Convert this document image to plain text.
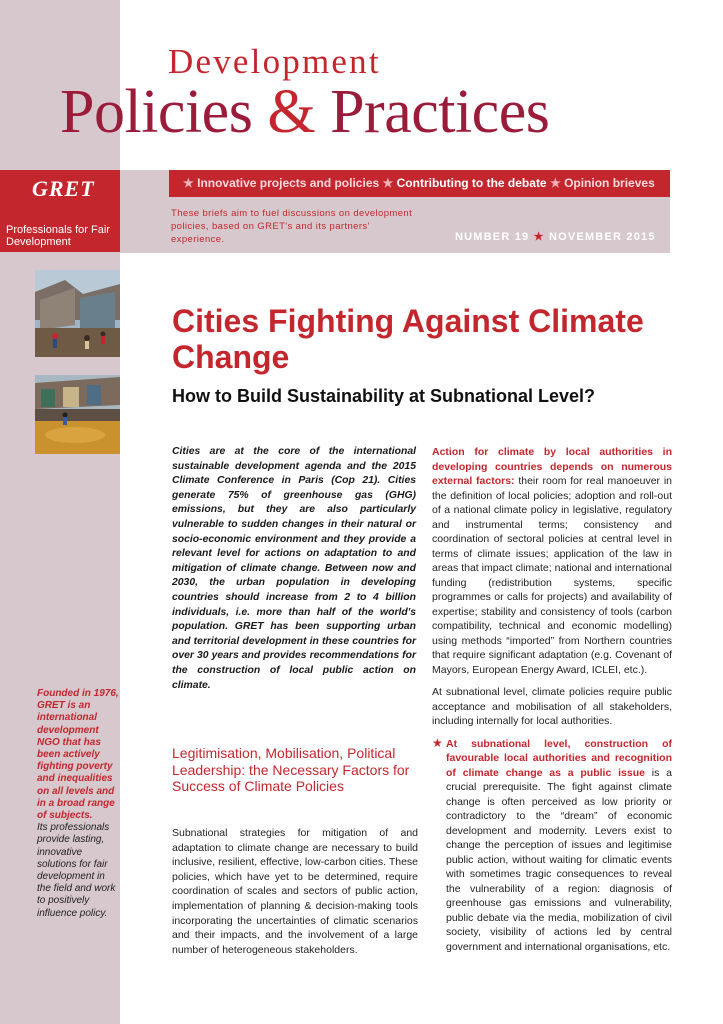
Development
Policies & Practices
★ Innovative projects and policies ★ Contributing to the debate ★ Opinion brieves
GRET
Professionals for Fair Development
These briefs aim to fuel discussions on development policies, based on GRET's and its partners' experience.	NUMBER 19 ★ NOVEMBER 2015
Cities Fighting Against Climate Change
How to Build Sustainability at Subnational Level?
Cities are at the core of the international sustainable development agenda and the 2015 Climate Conference in Paris (Cop 21). Cities generate 75% of greenhouse gas (GHG) emissions, but they are also particularly vulnerable to sudden changes in their natural or socio-economic environment and they provide a relevant level for actions on adaptation to and mitigation of climate change. Between now and 2030, the urban population in developing countries should increase from 2 to 4 billion individuals, i.e. more than half of the world's population. GRET has been supporting urban and territorial development in these countries for over 30 years and provides recommendations for the construction of local public action on climate.
Legitimisation, Mobilisation, Political Leadership: the Necessary Factors for Success of Climate Policies
Subnational strategies for mitigation of and adaptation to climate change are necessary to build inclusive, resilient, effective, low-carbon cities. These policies, which have yet to be determined, require coordination of scales and sectors of public action, implementation of planning & decision-making tools incorporating the uncertainties of climatic scenarios and their impacts, and the involvement of a large number of heterogeneous stakeholders.

Action for climate by local authorities in developing countries depends on numerous external factors: their room for real manoeuver in the definition of local policies; adoption and roll-out of a national climate policy in legislative, regulatory and instrumental terms; consistency and coordination of sectoral policies at central level in terms of climate issues; application of the law in areas that impact climate; national and international funding (redistribution systems, specific programmes or calls for projects) and availability of expertise; stability and consistency of tools (carbon compatibility, technical and economic modelling) using methods “imported” from Northern countries that require significant adaptation (e.g. Covenant of Mayors, European Energy Award, ICLEI, etc.).

At subnational level, climate policies require public acceptance and mobilisation of all stakeholders, including internally for local authorities.

★ At subnational level, construction of favourable local authorities and recognition of climate change as a public issue is a crucial prerequisite. The fight against climate change is often perceived as low priority or contradictory to the “dream” of economic development and modernity. Levers exist to change the perception of issues and legitimise public action, without waiting for climatic events with sometimes tragic consequences to reveal the vulnerability of a region: diagnosis of greenhouse gas emissions and vulnerability, public debate via the media, mobilization of civil society, visibility of actions led by central government and international organisations, etc.
Founded in 1976, GRET is an international development NGO that has been actively fighting poverty and inequalities on all levels and in a broad range of subjects.
Its professionals provide lasting, innovative solutions for fair development in the field and work to positively influence policy.
